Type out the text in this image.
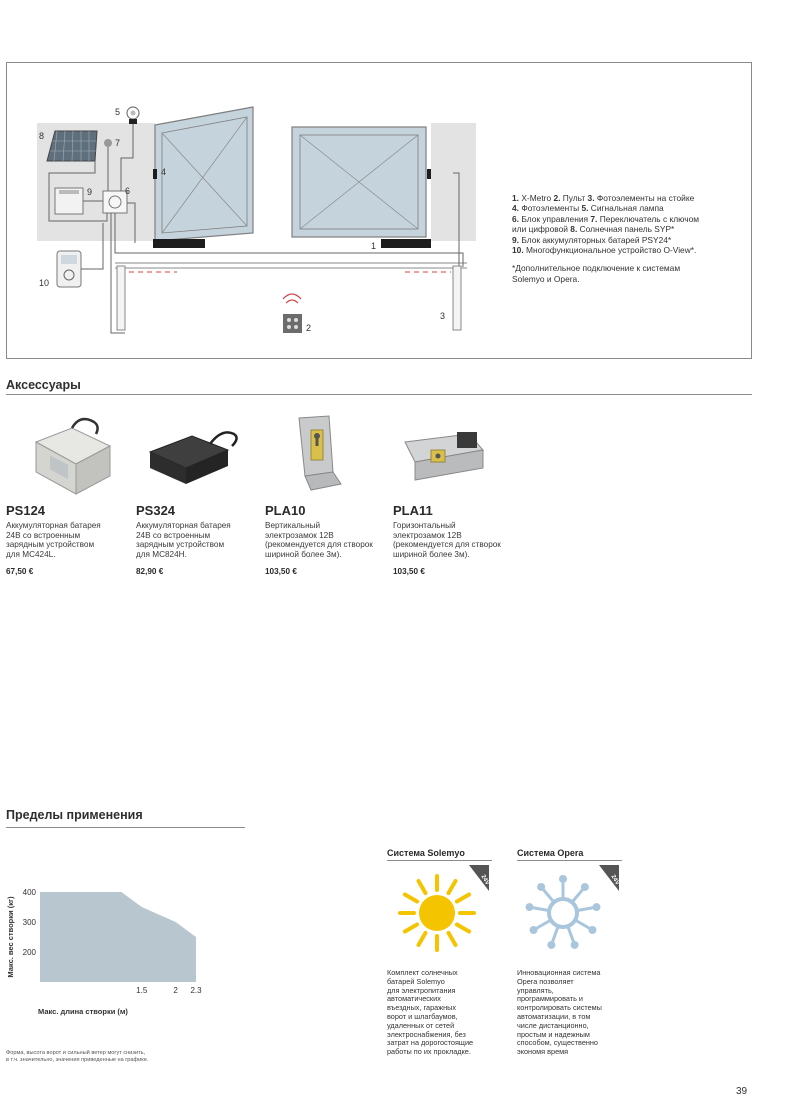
1
2
3
4
5
6
7
8
9
10
1. X-Metro 2. Пульт 3. Фотоэлементы на стойке
4. Фотоэлементы 5. Сигнальная лампа
6. Блок управления 7. Переключатель с ключом
или цифровой 8. Солнечная панель SYP*
9. Блок аккумуляторных батарей PSY24*
10. Многофункциональное устройство O-View*.
*Дополнительное подключение к системам
Solemyo и Opera.
Аксессуары
PS124
Аккумуляторная батарея
24В со встроенным
зарядным устройством
для MC424L.
67,50 €
PS324
Аккумуляторная батарея
24В со встроенным
зарядным устройством
для MC824H.
82,90 €
PLA10
Вертикальный
электрозамок 12В
(рекомендуется для створок
шириной более 3м).
103,50 €
PLA11
Горизонтальный
электрозамок 12В
(рекомендуется для створок
шириной более 3м).
103,50 €
Пределы применения
400
300
200
1.5	2 2.3
Макс. вес створки (кг)
Макс. длина створки (м)
Форма, высота ворот и сильный ветер могут снизить,
в т.ч. значительно, значения приведенные на графике.
Система Solemyo
24V
Комплект солнечных
батарей Solemyo
для электропитания
автоматических
въездных, гаражных
ворот и шлагбаумов,
удаленных от сетей
электроснабжения, без
затрат на дорогостоящие
работы по их прокладке.
Система Opera
24V
Инновационная система
Opera позволяет
управлять,
программировать и
контролировать системы
автоматизации, в том
числе дистанционно,
простым и надежным
способом, существенно
экономя время
39
